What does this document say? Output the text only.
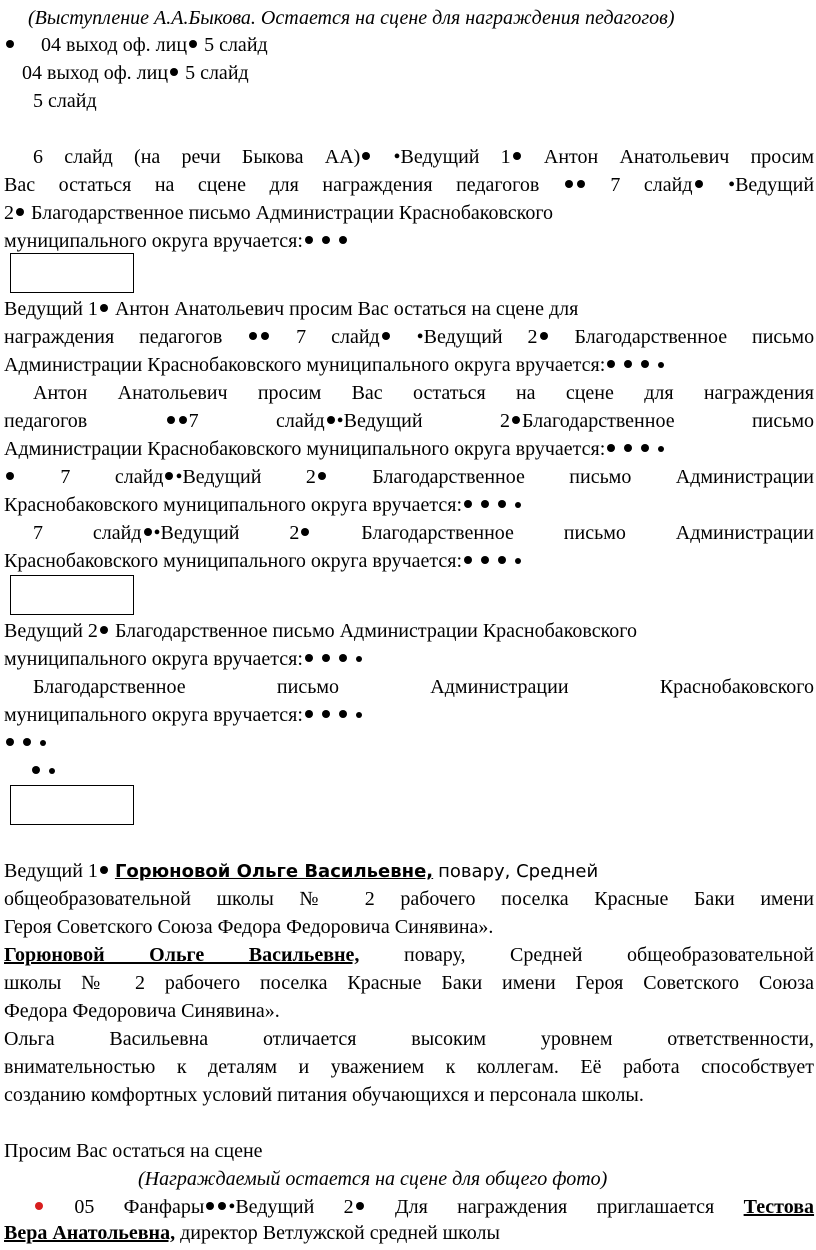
(Выступление А.А.Быкова. Остается на сцене для награждения педагогов)
04 выход оф. лиц 5 слайд
04 выход оф. лиц 5 слайд
5 слайд
6 слайд (на речи Быкова АА) •Ведущий 1 Антон Анатольевич просим
Вас остаться на сцене для награждения педагогов	7 слайд •Ведущий
2 Благодарственное письмо Администрации Краснобаковского
муниципального округа вручается:
Ведущий 1 Антон Анатольевич просим Вас остаться на сцене для
награждения педагогов	7 слайд •Ведущий 2 Благодарственное письмо
Администрации Краснобаковского муниципального округа вручается:
Антон Анатольевич просим Вас остаться на сцене для награждения
педагогов	7	слайд •Ведущий	2 Благодарственное	письмо
Администрации Краснобаковского муниципального округа вручается:
7 слайд •Ведущий 2	Благодарственное письмо Администрации
Краснобаковского муниципального округа вручается:
7 слайд •Ведущий 2	Благодарственное письмо Администрации
Краснобаковского муниципального округа вручается:
Ведущий 2 Благодарственное письмо Администрации Краснобаковского
муниципального округа вручается:
Благодарственное	письмо	Администрации	Краснобаковского
муниципального округа вручается:

Ведущий 1 Горюновой Ольге Васильевне, повару, Средней
общеобразовательной школы № 2 рабочего поселка Красные Баки имени
Героя Советского Союза Федора Федоровича Синявина».
Горюновой Ольге Васильевне, повару, Средней общеобразовательной
школы № 2 рабочего поселка Красные Баки имени Героя Советского Союза
Федора Федоровича Синявина».
Ольга Васильевна отличается высоким уровнем ответственности,
внимательностью к деталям и уважением к коллегам. Её работа способствует
созданию комфортных условий питания обучающихся и персонала школы.
Просим Вас остаться на сцене
(Награждаемый остается на сцене для общего фото)
05 Фанфары •Ведущий 2 Для награждения приглашается Тестова
Вера Анатольевна, директор Ветлужской средней школы
